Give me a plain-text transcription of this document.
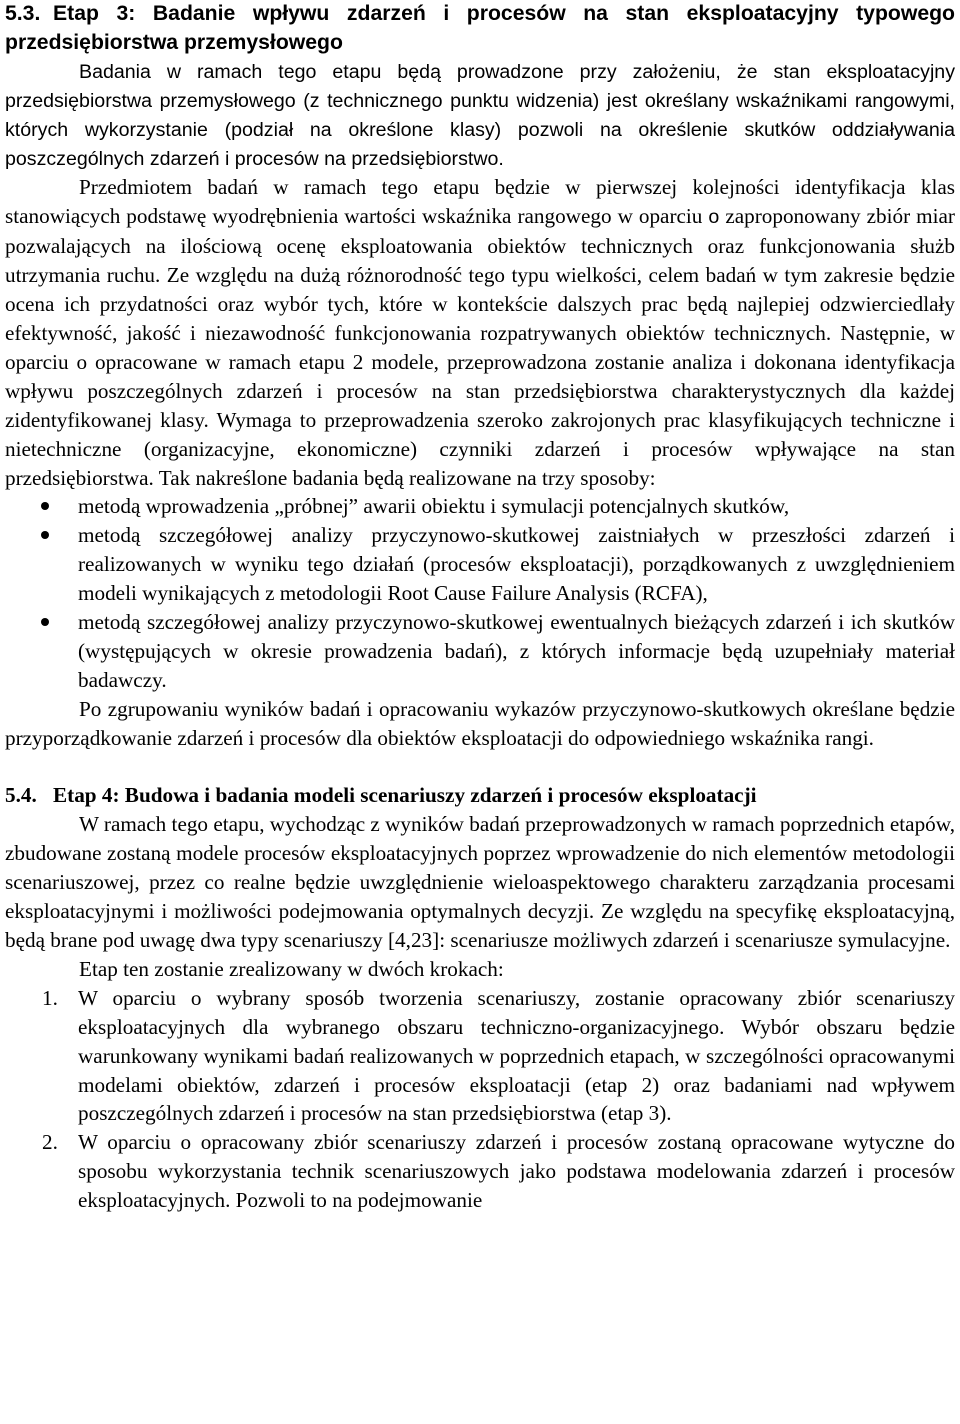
5.3. Etap 3: Badanie wpływu zdarzeń i procesów na stan eksploatacyjny typowego przedsiębiorstwa przemysłowego

Badania w ramach tego etapu będą prowadzone przy założeniu, że stan eksploatacyjny przedsiębiorstwa przemysłowego (z technicznego punktu widzenia) jest określany wskaźnikami rangowymi, których wykorzystanie (podział na określone klasy) pozwoli na określenie skutków oddziaływania poszczególnych zdarzeń i procesów na przedsiębiorstwo.

Przedmiotem badań w ramach tego etapu będzie w pierwszej kolejności identyfikacja klas stanowiących podstawę wyodrębnienia wartości wskaźnika rangowego w oparciu o zaproponowany zbiór miar pozwalających na ilościową ocenę eksploatowania obiektów technicznych oraz funkcjonowania służb utrzymania ruchu. Ze względu na dużą różnorodność tego typu wielkości, celem badań w tym zakresie będzie ocena ich przydatności oraz wybór tych, które w kontekście dalszych prac będą najlepiej odzwierciedlały efektywność, jakość i niezawodność funkcjonowania rozpatrywanych obiektów technicznych. Następnie, w oparciu o opracowane w ramach etapu 2 modele, przeprowadzona zostanie analiza i dokonana identyfikacja wpływu poszczególnych zdarzeń i procesów na stan przedsiębiorstwa charakterystycznych dla każdej zidentyfikowanej klasy. Wymaga to przeprowadzenia szeroko zakrojonych prac klasyfikujących techniczne i nietechniczne (organizacyjne, ekonomiczne) czynniki zdarzeń i procesów wpływające na stan przedsiębiorstwa. Tak nakreślone badania będą realizowane na trzy sposoby:

metodą wprowadzenia „próbnej” awarii obiektu i symulacji potencjalnych skutków,
metodą szczegółowej analizy przyczynowo-skutkowej zaistniałych w przeszłości zdarzeń i realizowanych w wyniku tego działań (procesów eksploatacji), porządkowanych z uwzględnieniem modeli wynikających z metodologii Root Cause Failure Analysis (RCFA),
metodą szczegółowej analizy przyczynowo-skutkowej ewentualnych bieżących zdarzeń i ich skutków (występujących w okresie prowadzenia badań), z których informacje będą uzupełniały materiał badawczy.

Po zgrupowaniu wyników badań i opracowaniu wykazów przyczynowo-skutkowych określane będzie przyporządkowanie zdarzeń i procesów dla obiektów eksploatacji do odpowiedniego wskaźnika rangi.

5.4. Etap 4: Budowa i badania modeli scenariuszy zdarzeń i procesów eksploatacji

W ramach tego etapu, wychodząc z wyników badań przeprowadzonych w ramach poprzednich etapów, zbudowane zostaną modele procesów eksploatacyjnych poprzez wprowadzenie do nich elementów metodologii scenariuszowej, przez co realne będzie uwzględnienie wieloaspektowego charakteru zarządzania procesami eksploatacyjnymi i możliwości podejmowania optymalnych decyzji. Ze względu na specyfikę eksploatacyjną, będą brane pod uwagę dwa typy scenariuszy [4,23]: scenariusze możliwych zdarzeń i scenariusze symulacyjne.

Etap ten zostanie zrealizowany w dwóch krokach:

1. W oparciu o wybrany sposób tworzenia scenariuszy, zostanie opracowany zbiór scenariuszy eksploatacyjnych dla wybranego obszaru techniczno-organizacyjnego. Wybór obszaru będzie warunkowany wynikami badań realizowanych w poprzednich etapach, w szczególności opracowanymi modelami obiektów, zdarzeń i procesów eksploatacji (etap 2) oraz badaniami nad wpływem poszczególnych zdarzeń i procesów na stan przedsiębiorstwa (etap 3).
2. W oparciu o opracowany zbiór scenariuszy zdarzeń i procesów zostaną opracowane wytyczne do sposobu wykorzystania technik scenariuszowych jako podstawa modelowania zdarzeń i procesów eksploatacyjnych. Pozwoli to na podejmowanie
